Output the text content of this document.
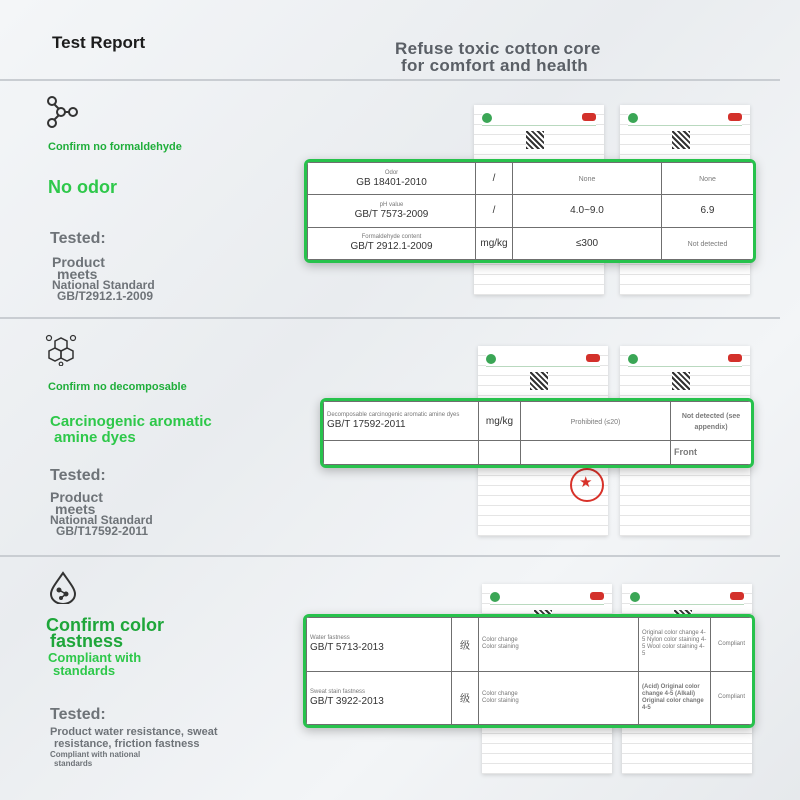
Test Report	Refuse toxic cotton core
for comfort and health
Confirm no formaldehyde
No odor
Tested:
Product
meets
National Standard
GB/T2912.1-2009
Odor
GB 18401-2010	/	None	None

pH value
GB/T 7573-2009	/	4.0~9.0	6.9

Formaldehyde content
GB/T 2912.1-2009	mg/kg	≤300	Not detected
Confirm no decomposable
Carcinogenic aromatic
amine dyes
Tested:
Product
meets
National Standard
GB/T17592-2011
★
Decomposable carcinogenic aromatic amine dyes
GB/T 17592-2011	mg/kg	Prohibited (≤20)	Not detected (see appendix)
			Front
Confirm color
fastness
Compliant with
standards
Tested:
Product water resistance, sweat
resistance, friction fastness
Compliant with national
standards
Water fastness
GB/T 5713-2013	级	Color change
Color staining	Original color change 4-5 Nylon color staining 4-5 Wool color staining 4-5	Compliant

Sweat stain fastness
GB/T 3922-2013	级	Color change
Color staining	(Acid) Original color change 4-5 (Alkali) Original color change 4-5	Compliant
